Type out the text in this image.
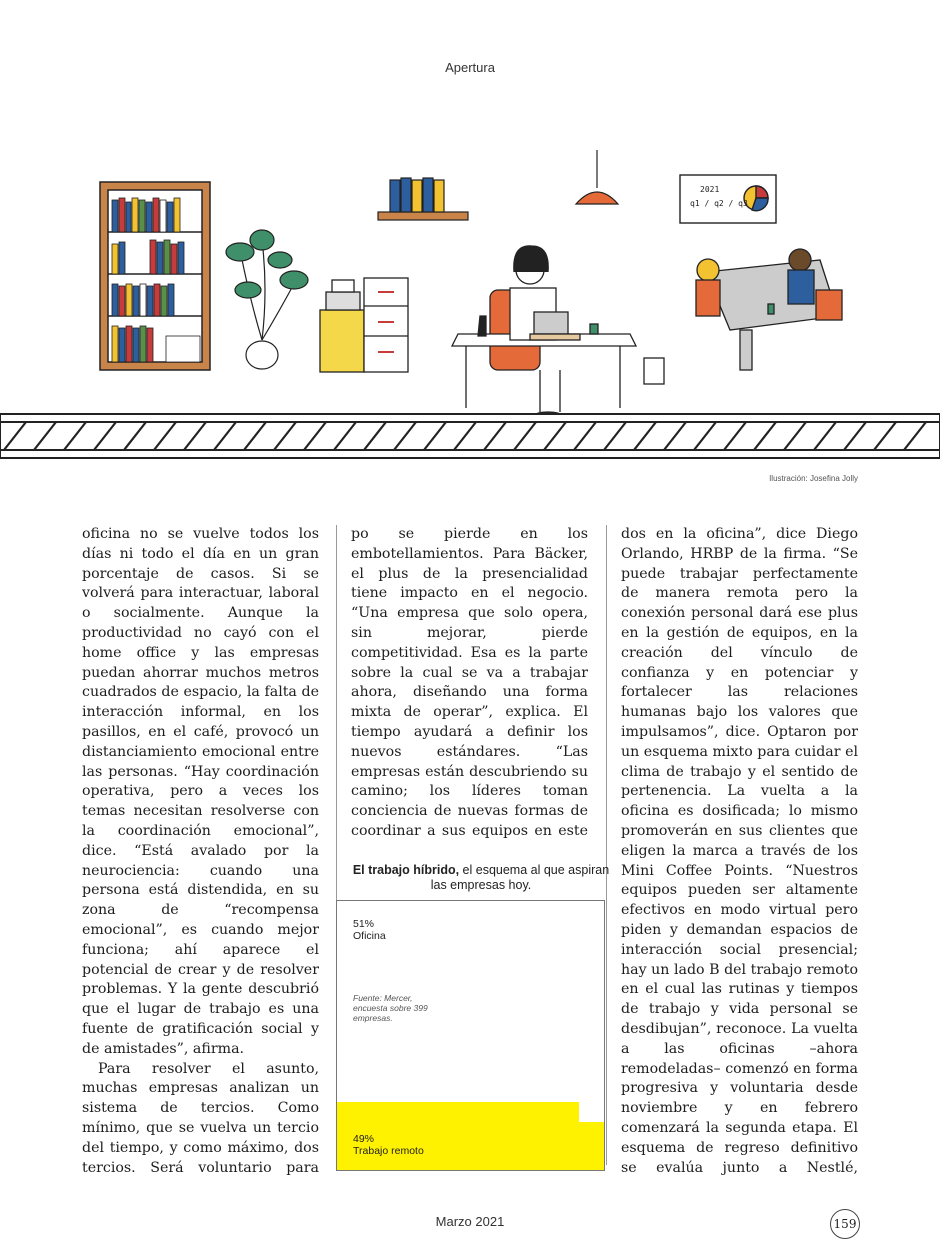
Apertura
2021
q1 / q2 / q3
Ilustración: Josefina Jolly

oficina no se vuelve todos los días ni todo el día en un gran porcentaje de casos. Si se volverá para interactuar, laboral o socialmente. Aunque la productividad no cayó con el home office y las empresas puedan ahorrar muchos metros cuadrados de espacio, la falta de interacción informal, en los pasillos, en el café, provocó un distanciamiento emocional entre las personas. “Hay coordinación operativa, pero a veces los temas necesitan resolverse con la coordinación emocional”, dice. “Está avalado por la neurociencia: cuando una persona está distendida, en su zona de “recompensa emocional”, es cuando mejor funciona; ahí aparece el potencial de crear y de resolver problemas. Y la gente descubrió que el lugar de trabajo es una fuente de gratificación social y de amistades”, afirma.

Para resolver el asunto, muchas empresas analizan un sistema de tercios. Como mínimo, que se vuelva un tercio del tiempo, y como máximo, dos tercios. Será voluntario para

po se pierde en los embotellamientos. Para Bäcker, el plus de la presencialidad tiene impacto en el negocio. “Una empresa que solo opera, sin mejorar, pierde competitividad. Esa es la parte sobre la cual se va a trabajar ahora, diseñando una forma mixta de operar”, explica. El tiempo ayudará a definir los nuevos estándares. “Las empresas están descubriendo su camino; los líderes toman conciencia de nuevas formas de coordinar a sus equipos en este

dos en la oficina”, dice Diego Orlando, HRBP de la firma. “Se puede trabajar perfectamente de manera remota pero la conexión personal dará ese plus en la gestión de equipos, en la creación del vínculo de confianza y en potenciar y fortalecer las relaciones humanas bajo los valores que impulsamos”, dice. Optaron por un esquema mixto para cuidar el clima de trabajo y el sentido de pertenencia. La vuelta a la oficina es dosificada; lo mismo promoverán en sus clientes que eligen la marca a través de los Mini Coffee Points. “Nuestros equipos pueden ser altamente efectivos en modo virtual pero piden y demandan espacios de interacción social presencial; hay un lado B del trabajo remoto en el cual las rutinas y tiempos de trabajo y vida personal se desdibujan”, reconoce. La vuelta a las oficinas –ahora remodeladas– comenzó en forma progresiva y voluntaria desde noviembre y en febrero comenzará la segunda etapa. El esquema de regreso definitivo se evalúa junto a Nestlé,

El trabajo híbrido, el esquema al que aspiran las empresas hoy.
51%
Oficina
Fuente: Mercer,
encuesta sobre 399
empresas.
49%
Trabajo remoto
Marzo 2021	159
